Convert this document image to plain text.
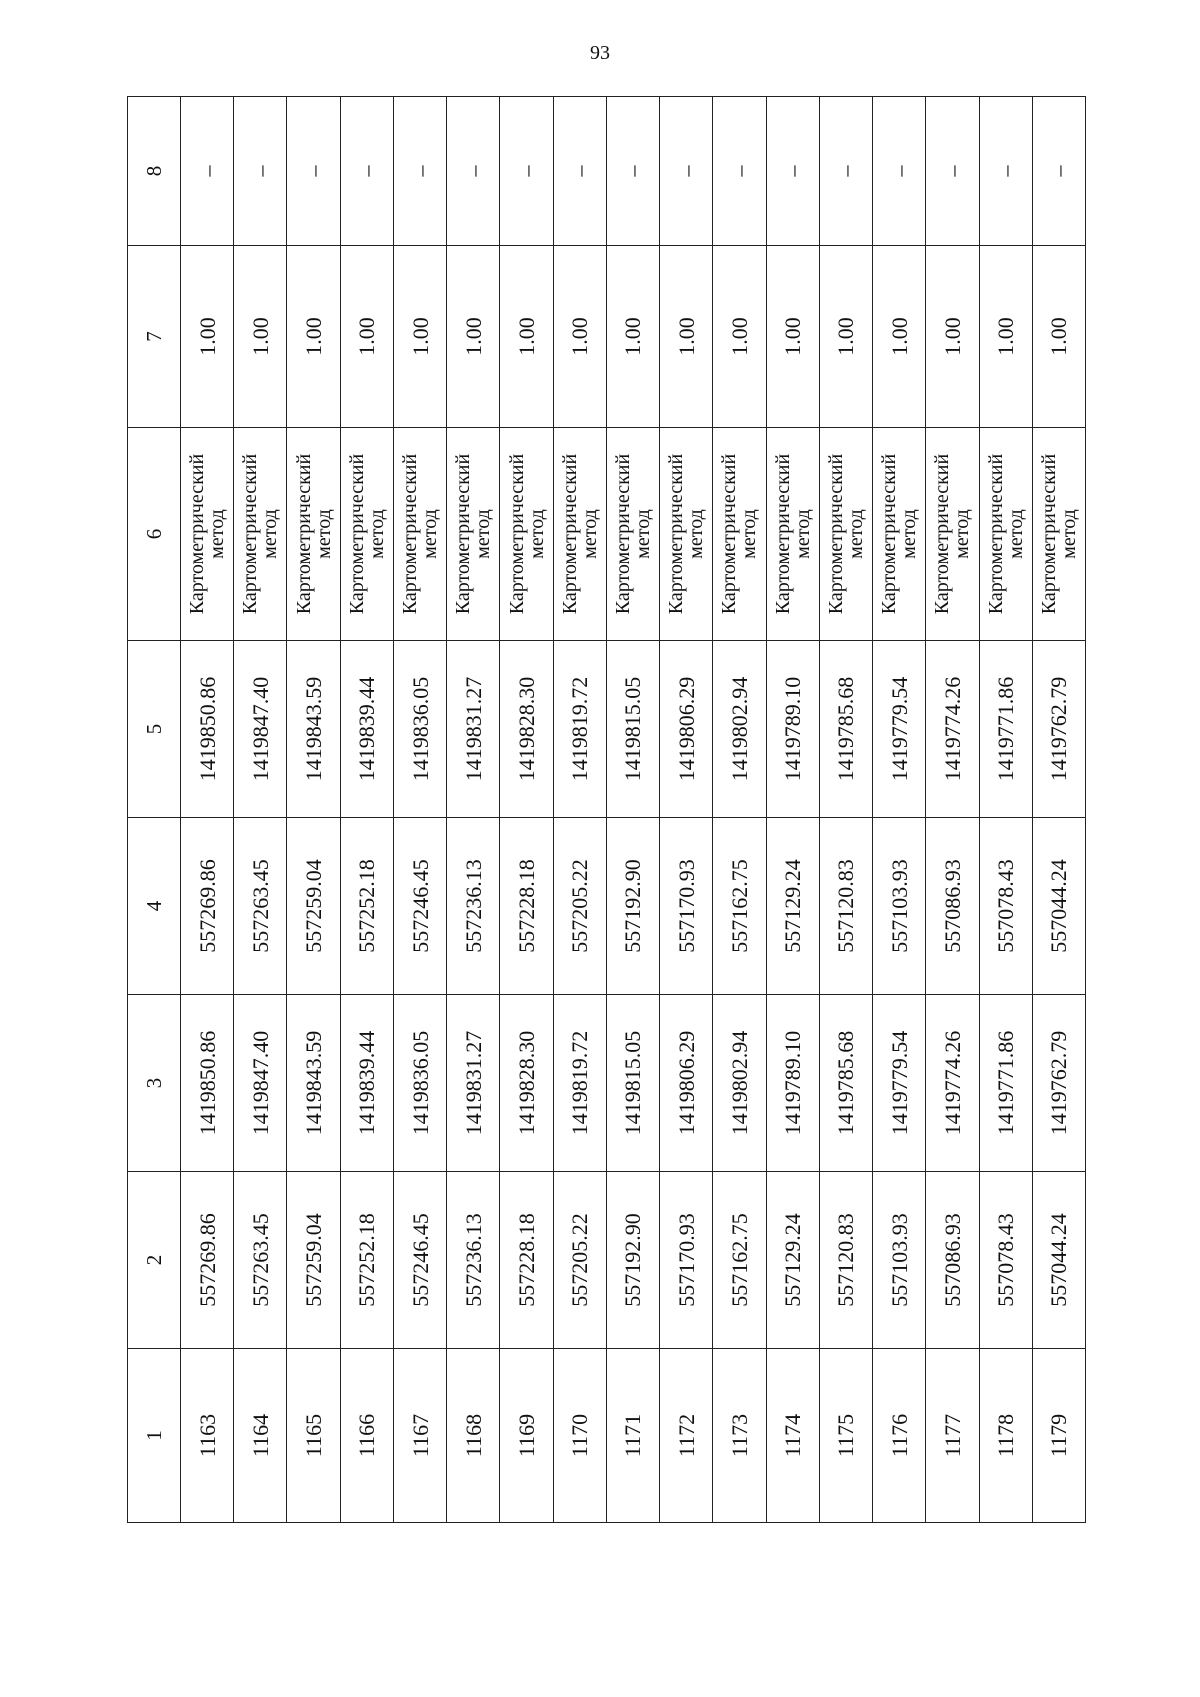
93
1	2	3	4	5	6	7	8
1163	557269.86	1419850.86	557269.86	1419850.86	Картометрический метод	1.00	–
1164	557263.45	1419847.40	557263.45	1419847.40	Картометрический метод	1.00	–
1165	557259.04	1419843.59	557259.04	1419843.59	Картометрический метод	1.00	–
1166	557252.18	1419839.44	557252.18	1419839.44	Картометрический метод	1.00	–
1167	557246.45	1419836.05	557246.45	1419836.05	Картометрический метод	1.00	–
1168	557236.13	1419831.27	557236.13	1419831.27	Картометрический метод	1.00	–
1169	557228.18	1419828.30	557228.18	1419828.30	Картометрический метод	1.00	–
1170	557205.22	1419819.72	557205.22	1419819.72	Картометрический метод	1.00	–
1171	557192.90	1419815.05	557192.90	1419815.05	Картометрический метод	1.00	–
1172	557170.93	1419806.29	557170.93	1419806.29	Картометрический метод	1.00	–
1173	557162.75	1419802.94	557162.75	1419802.94	Картометрический метод	1.00	–
1174	557129.24	1419789.10	557129.24	1419789.10	Картометрический метод	1.00	–
1175	557120.83	1419785.68	557120.83	1419785.68	Картометрический метод	1.00	–
1176	557103.93	1419779.54	557103.93	1419779.54	Картометрический метод	1.00	–
1177	557086.93	1419774.26	557086.93	1419774.26	Картометрический метод	1.00	–
1178	557078.43	1419771.86	557078.43	1419771.86	Картометрический метод	1.00	–
1179	557044.24	1419762.79	557044.24	1419762.79	Картометрический метод	1.00	–
